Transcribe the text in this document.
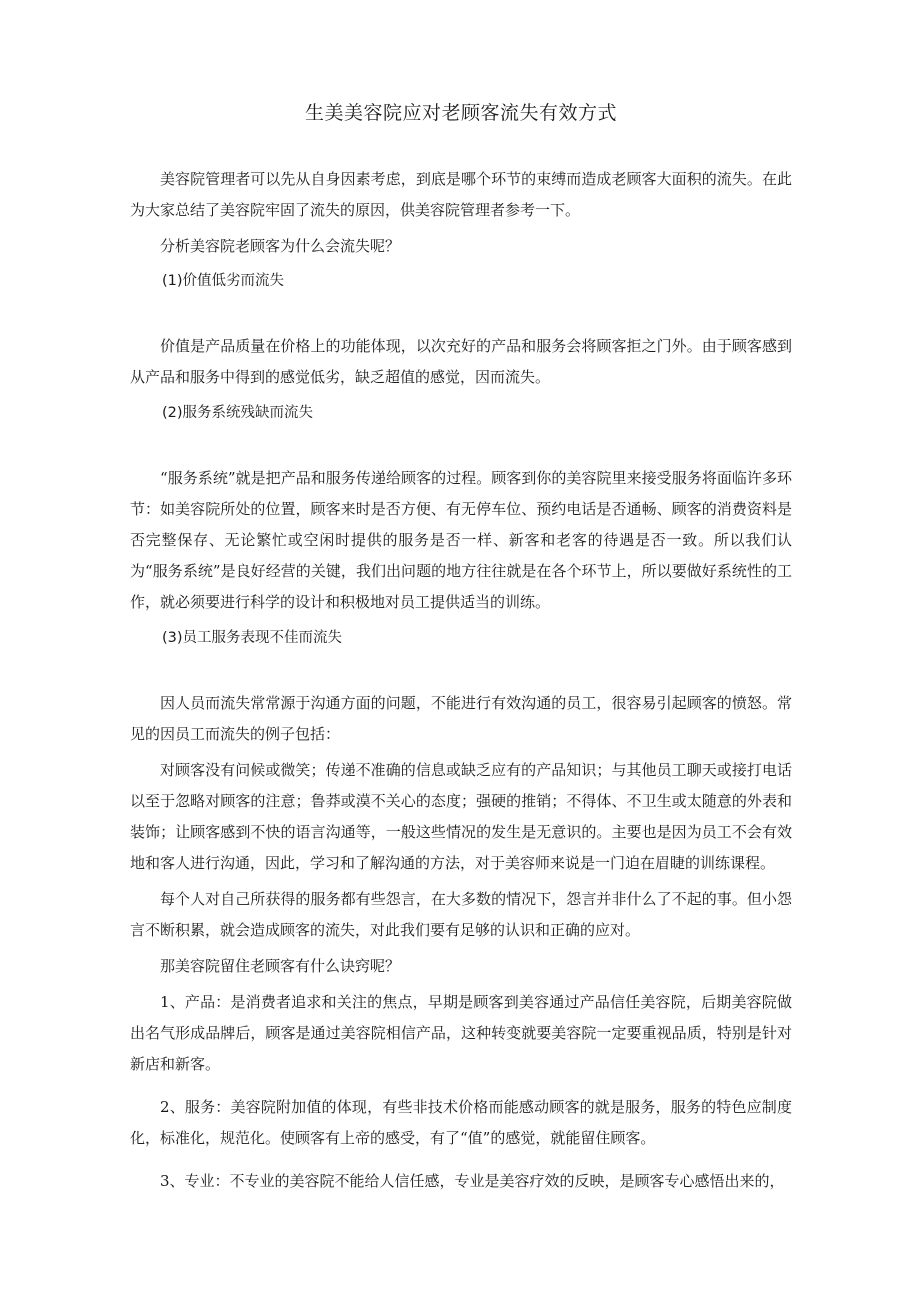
生美美容院应对老顾客流失有效方式

美容院管理者可以先从自身因素考虑，到底是哪个环节的束缚而造成老顾客大面积的流失。在此为大家总结了美容院牢固了流失的原因，供美容院管理者参考一下。

分析美容院老顾客为什么会流失呢？

(1)价值低劣而流失

价值是产品质量在价格上的功能体现，以次充好的产品和服务会将顾客拒之门外。由于顾客感到从产品和服务中得到的感觉低劣，缺乏超值的感觉，因而流失。

(2)服务系统残缺而流失

“服务系统”就是把产品和服务传递给顾客的过程。顾客到你的美容院里来接受服务将面临许多环节：如美容院所处的位置，顾客来时是否方便、有无停车位、预约电话是否通畅、顾客的消费资料是否完整保存、无论繁忙或空闲时提供的服务是否一样、新客和老客的待遇是否一致。所以我们认为“服务系统”是良好经营的关键，我们出问题的地方往往就是在各个环节上，所以要做好系统性的工作，就必须要进行科学的设计和积极地对员工提供适当的训练。

(3)员工服务表现不佳而流失

因人员而流失常常源于沟通方面的问题，不能进行有效沟通的员工，很容易引起顾客的愤怒。常见的因员工而流失的例子包括：

对顾客没有问候或微笑；传递不准确的信息或缺乏应有的产品知识；与其他员工聊天或接打电话以至于忽略对顾客的注意；鲁莽或漠不关心的态度；强硬的推销；不得体、不卫生或太随意的外表和装饰；让顾客感到不快的语言沟通等，一般这些情况的发生是无意识的。主要也是因为员工不会有效地和客人进行沟通，因此，学习和了解沟通的方法，对于美容师来说是一门迫在眉睫的训练课程。

每个人对自己所获得的服务都有些怨言，在大多数的情况下，怨言并非什么了不起的事。但小怨言不断积累，就会造成顾客的流失，对此我们要有足够的认识和正确的应对。

那美容院留住老顾客有什么诀窍呢？

1、产品：是消费者追求和关注的焦点，早期是顾客到美容通过产品信任美容院，后期美容院做出名气形成品牌后，顾客是通过美容院相信产品，这种转变就要美容院一定要重视品质，特别是针对新店和新客。

2、服务：美容院附加值的体现，有些非技术价格而能感动顾客的就是服务，服务的特色应制度化，标准化，规范化。使顾客有上帝的感受，有了“值”的感觉，就能留住顾客。

3、专业：不专业的美容院不能给人信任感，专业是美容疗效的反映，是顾客专心感悟出来的，
